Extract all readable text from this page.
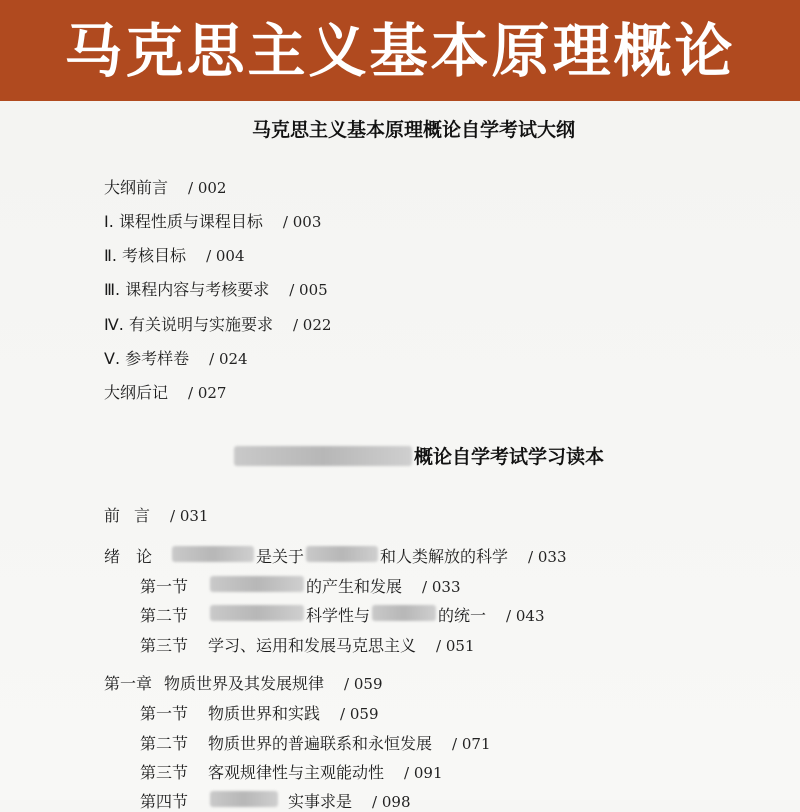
马克思主义基本原理概论
马克思主义基本原理概论自学考试大纲
大纲前言 / 002
Ⅰ. 课程性质与课程目标 / 003
Ⅱ. 考核目标 / 004
Ⅲ. 课程内容与考核要求 / 005
Ⅳ. 有关说明与实施要求 / 022
Ⅴ. 参考样卷 / 024
大纲后记 / 027
概论自学考试学习读本
前言 / 031
绪　论	是关于	和人类解放的科学 / 033
第一节	的产生和发展 / 033
第二节	科学性与	的统一 / 043
第三节 学习、运用和发展马克思主义 / 051
第一章 物质世界及其发展规律 / 059
第一节 物质世界和实践 / 059
第二节 物质世界的普遍联系和永恒发展 / 071
第三节 客观规律性与主观能动性 / 091
第四节	实事求是 / 098
